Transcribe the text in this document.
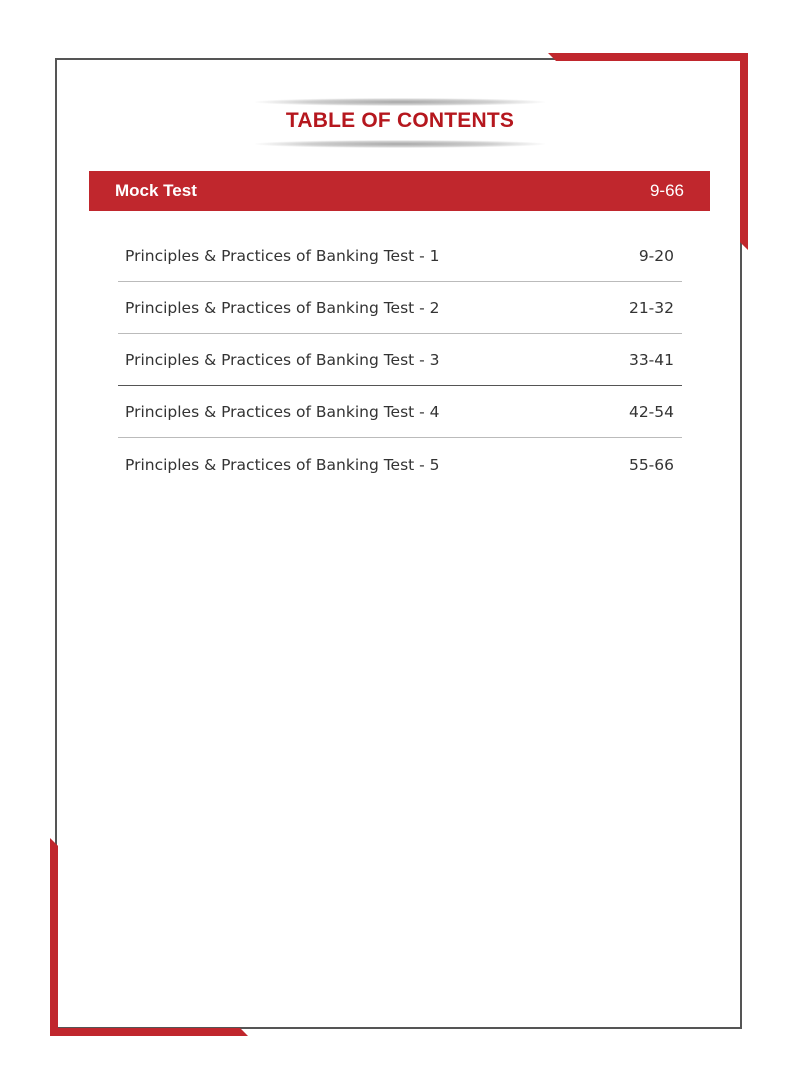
TABLE OF CONTENTS
Mock Test	9-66
Principles & Practices of Banking Test - 1	9-20
Principles & Practices of Banking Test - 2	21-32
Principles & Practices of Banking Test - 3	33-41
Principles & Practices of Banking Test - 4	42-54
Principles & Practices of Banking Test - 5	55-66
